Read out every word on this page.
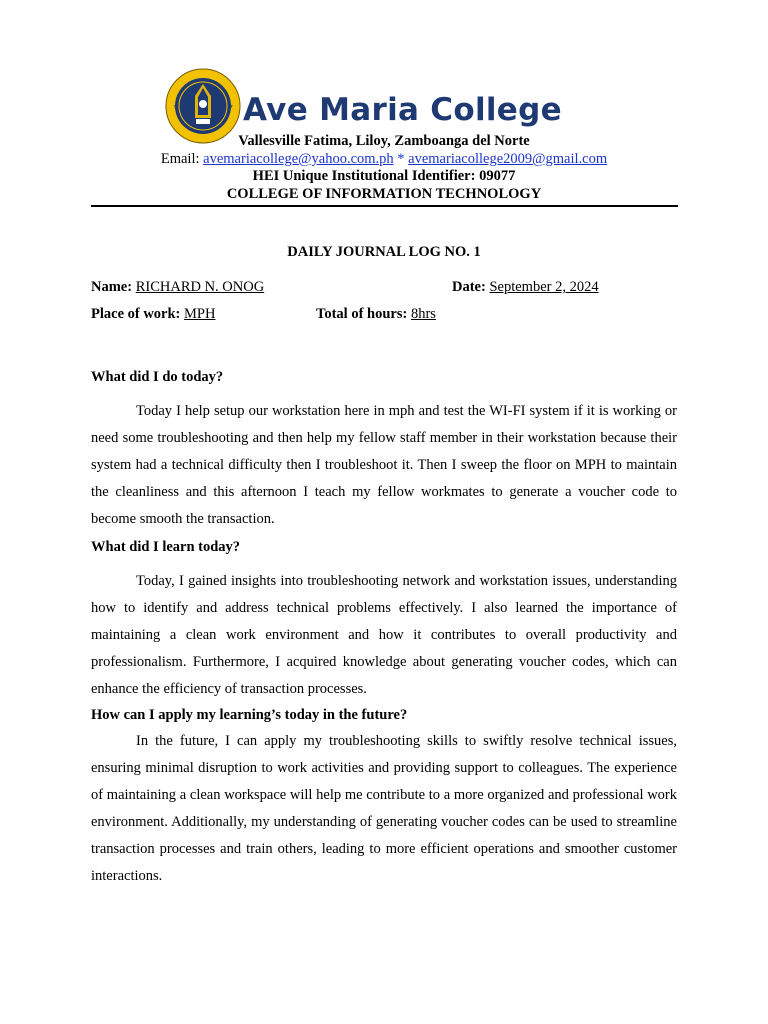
★	★ Ave Maria College
Vallesville Fatima, Liloy, Zamboanga del Norte
Email: avemariacollege@yahoo.com.ph * avemariacollege2009@gmail.com
HEI Unique Institutional Identifier: 09077
COLLEGE OF INFORMATION TECHNOLOGY
DAILY JOURNAL LOG NO. 1
Name: RICHARD N. ONOG	Date: September 2, 2024
Place of work: MPH	Total of hours: 8hrs
What did I do today?

Today I help setup our workstation here in mph and test the WI-FI system if it is working or need some troubleshooting and then help my fellow staff member in their workstation because their system had a technical difficulty then I troubleshoot it. Then I sweep the floor on MPH to maintain the cleanliness and this afternoon I teach my fellow workmates to generate a voucher code to become smooth the transaction.

What did I learn today?

Today, I gained insights into troubleshooting network and workstation issues, understanding how to identify and address technical problems effectively. I also learned the importance of maintaining a clean work environment and how it contributes to overall productivity and professionalism. Furthermore, I acquired knowledge about generating voucher codes, which can enhance the efficiency of transaction processes.

How can I apply my learning’s today in the future?

In the future, I can apply my troubleshooting skills to swiftly resolve technical issues, ensuring minimal disruption to work activities and providing support to colleagues. The experience of maintaining a clean workspace will help me contribute to a more organized and professional work environment. Additionally, my understanding of generating voucher codes can be used to streamline transaction processes and train others, leading to more efficient operations and smoother customer interactions.
